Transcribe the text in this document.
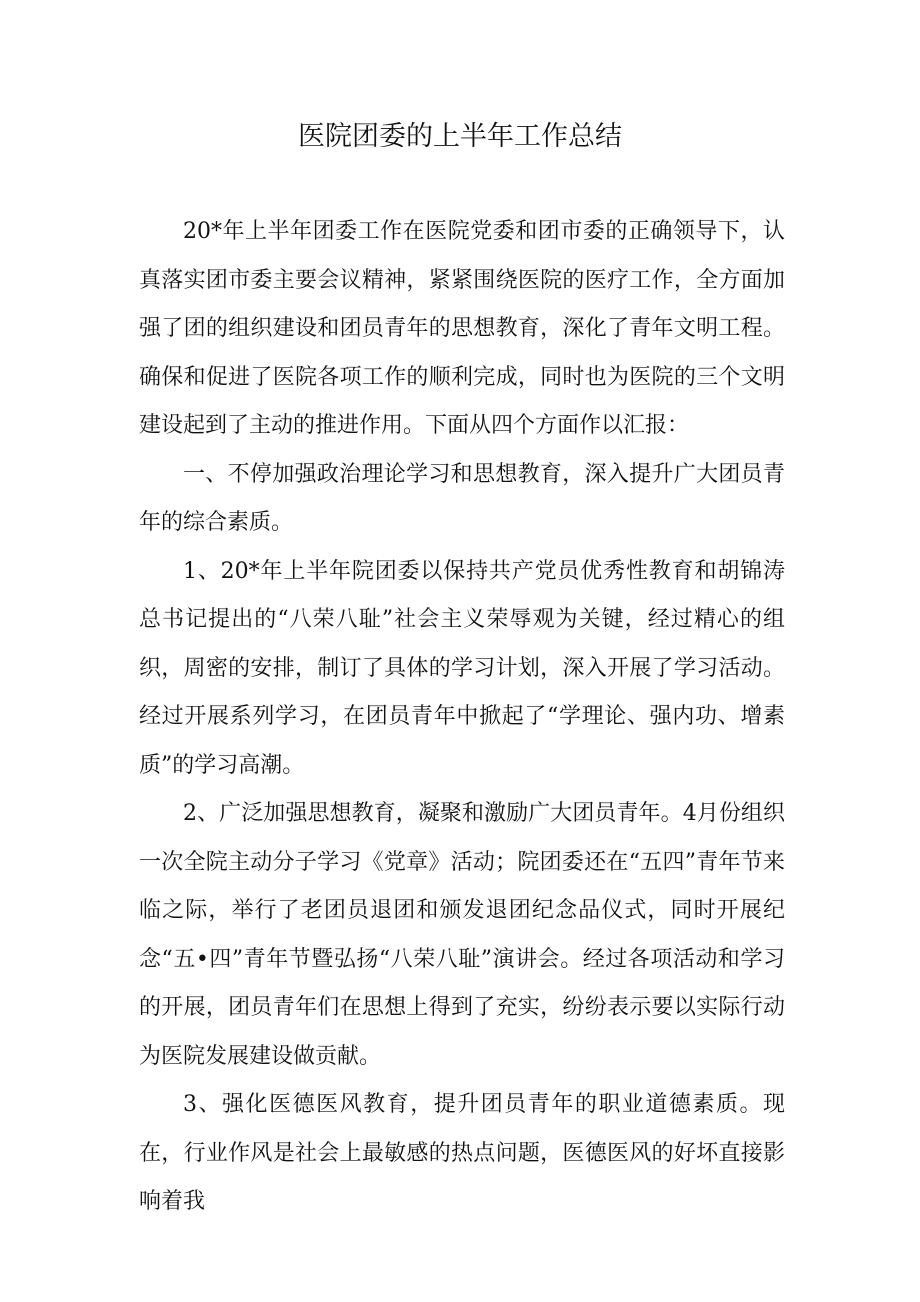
医院团委的上半年工作总结

20*年上半年团委工作在医院党委和团市委的正确领导下，认真落实团市委主要会议精神，紧紧围绕医院的医疗工作，全方面加强了团的组织建设和团员青年的思想教育，深化了青年文明工程。确保和促进了医院各项工作的顺利完成，同时也为医院的三个文明建设起到了主动的推进作用。下面从四个方面作以汇报：

一、不停加强政治理论学习和思想教育，深入提升广大团员青年的综合素质。

1、20*年上半年院团委以保持共产党员优秀性教育和胡锦涛总书记提出的“八荣八耻”社会主义荣辱观为关键，经过精心的组织，周密的安排，制订了具体的学习计划，深入开展了学习活动。经过开展系列学习，在团员青年中掀起了“学理论、强内功、增素质”的学习高潮。

2、广泛加强思想教育，凝聚和激励广大团员青年。4月份组织一次全院主动分子学习《党章》活动；院团委还在“五四”青年节来临之际，举行了老团员退团和颁发退团纪念品仪式，同时开展纪念“五•四”青年节暨弘扬“八荣八耻”演讲会。经过各项活动和学习的开展，团员青年们在思想上得到了充实，纷纷表示要以实际行动为医院发展建设做贡献。

3、强化医德医风教育，提升团员青年的职业道德素质。现在，行业作风是社会上最敏感的热点问题，医德医风的好坏直接影响着我
